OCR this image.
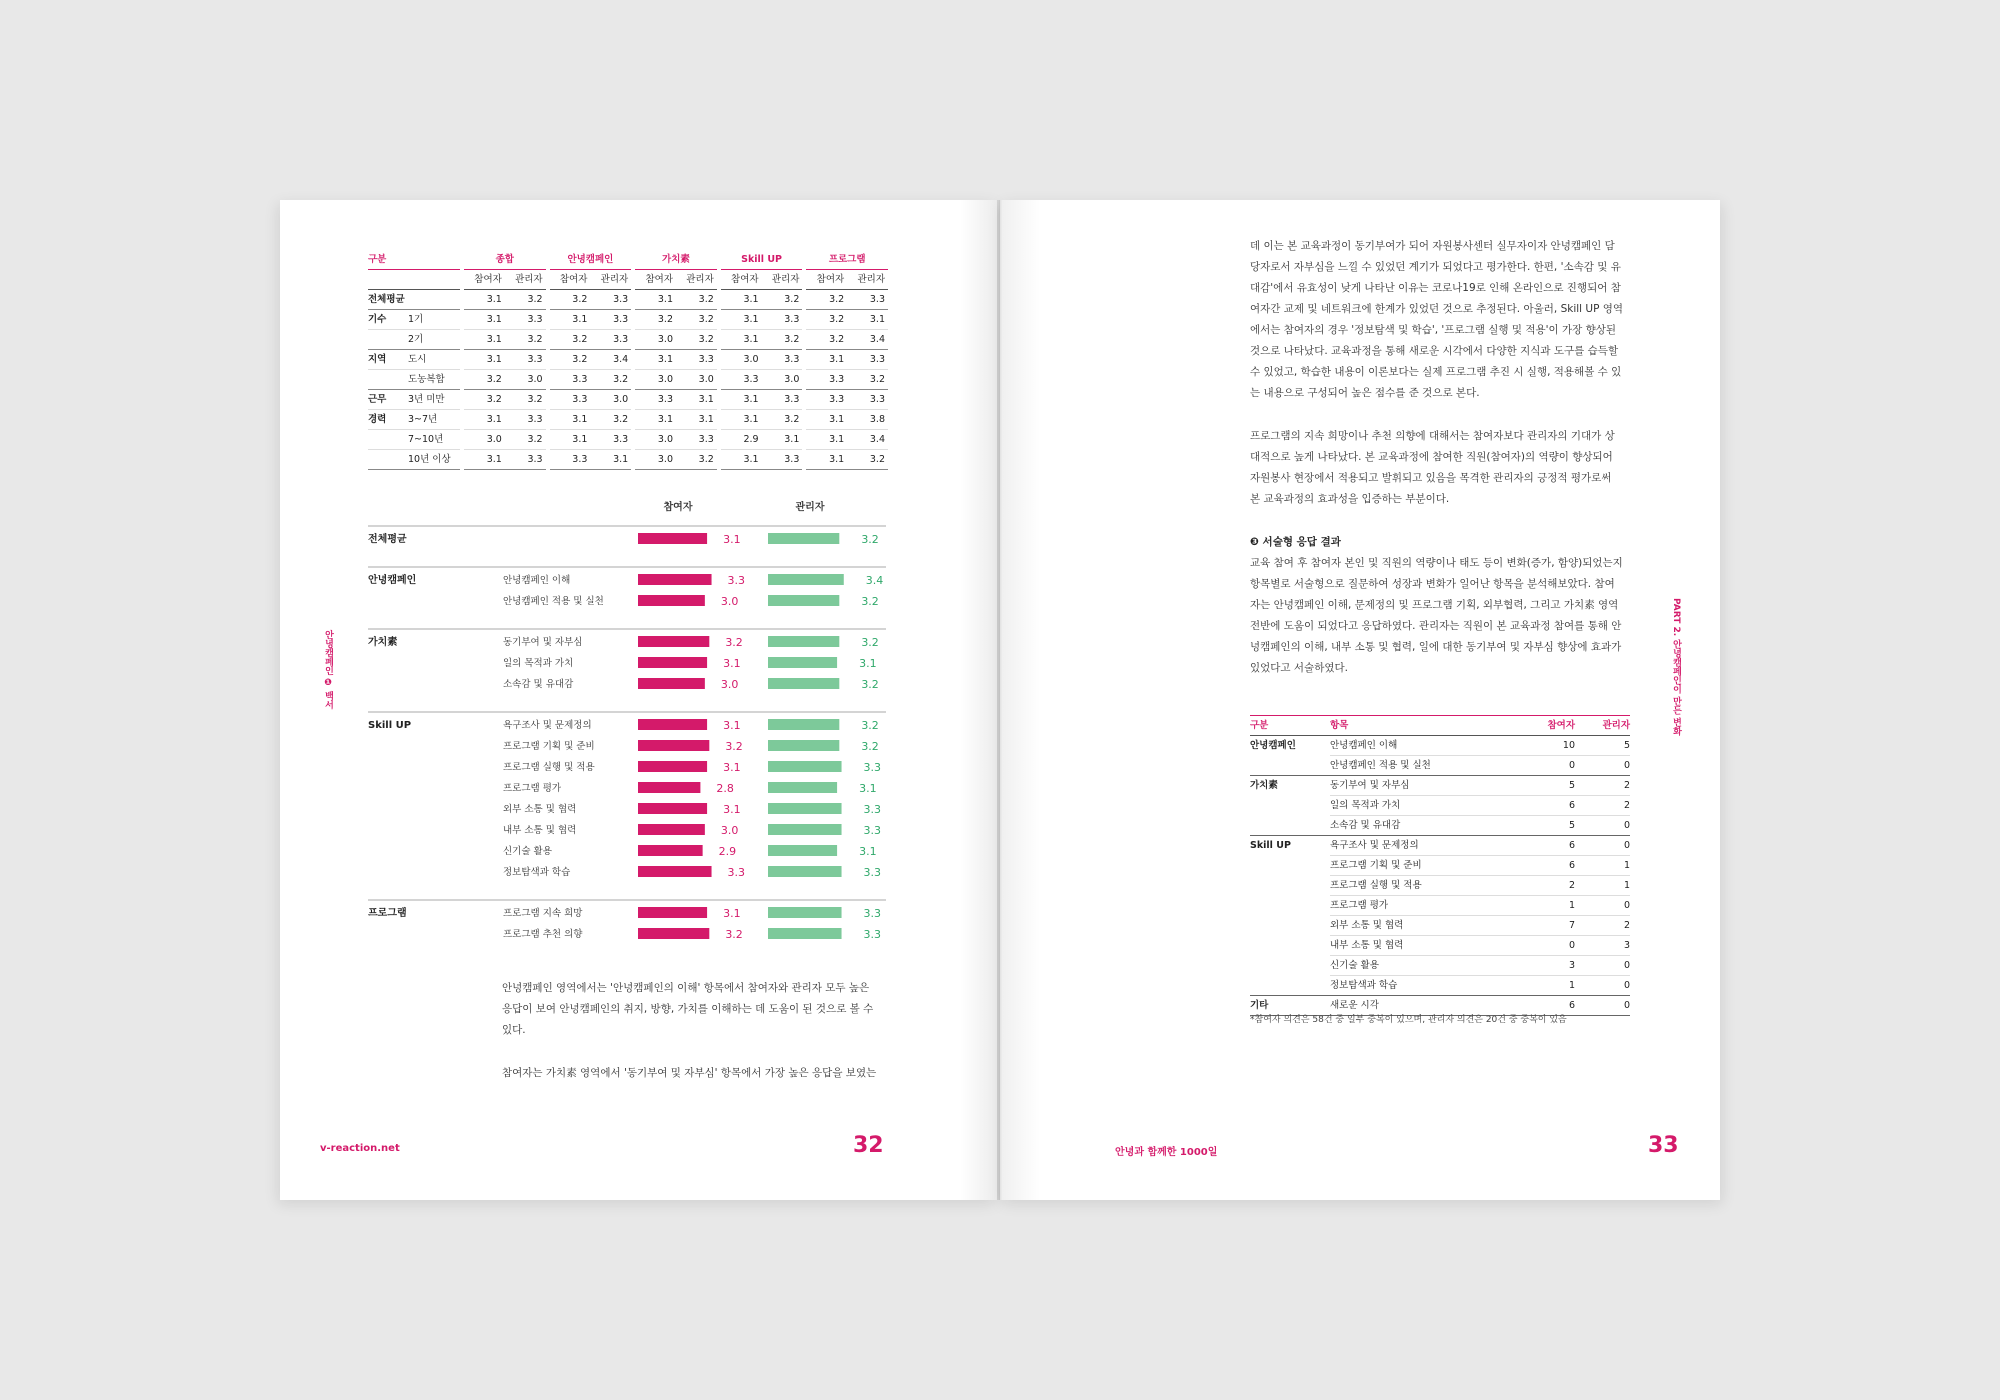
구분			종합			안녕캠페인			가치素			Skill UP			프로그램	
			참여자	관리자		참여자	관리자		참여자	관리자		참여자	관리자		참여자	관리자
전체평균			3.1	3.2		3.2	3.3		3.1	3.2		3.1	3.2		3.2	3.3
기수	1기		3.1	3.3		3.1	3.3		3.2	3.2		3.1	3.3		3.2	3.1
	2기		3.1	3.2		3.2	3.3		3.0	3.2		3.1	3.2		3.2	3.4
지역	도시		3.1	3.3		3.2	3.4		3.1	3.3		3.0	3.3		3.1	3.3
	도농복합		3.2	3.0		3.3	3.2		3.0	3.0		3.3	3.0		3.3	3.2
근무	3년 미만		3.2	3.2		3.3	3.0		3.3	3.1		3.1	3.3		3.3	3.3
경력	3~7년		3.1	3.3		3.1	3.2		3.1	3.1		3.1	3.2		3.1	3.8
	7~10년		3.0	3.2		3.1	3.3		3.0	3.3		2.9	3.1		3.1	3.4
	10년 이상		3.1	3.3		3.3	3.1		3.0	3.2		3.1	3.3		3.1	3.2
참여자	관리자
전체평균	3.1	3.2
안녕캠페인	안녕캠페인 이해	3.3	3.4
안녕캠페인 적용 및 실천	3.0	3.2
가치素	동기부여 및 자부심	3.2	3.2
일의 목적과 가치	3.1	3.1
소속감 및 유대감	3.0	3.2
Skill UP	욕구조사 및 문제정의	3.1	3.2
프로그램 기획 및 준비	3.2	3.2
프로그램 실행 및 적용	3.1	3.3
프로그램 평가	2.8	3.1
외부 소통 및 협력	3.1	3.3
내부 소통 및 협력	3.0	3.3
신기술 활용	2.9	3.1
정보탐색과 학습	3.3	3.3
프로그램	프로그램 지속 희망	3.1	3.3
프로그램 추천 의향	3.2	3.3
안녕캠페인 영역에서는 '안녕캠페인의 이해' 항목에서 참여자와 관리자 모두 높은
응답이 보여 안녕캠페인의 취지, 방향, 가치를 이해하는 데 도움이 된 것으로 볼 수
있다.
참여자는 가치素 영역에서 '동기부여 및 자부심' 항목에서 가장 높은 응답을 보였는
안녕캠페인 ❶ 백서
v-reaction.net	32
데 이는 본 교육과정이 동기부여가 되어 자원봉사센터 실무자이자 안녕캠페인 담
당자로서 자부심을 느낄 수 있었던 계기가 되었다고 평가한다. 한편, '소속감 및 유
대감'에서 유효성이 낮게 나타난 이유는 코로나19로 인해 온라인으로 진행되어 참
여자간 교제 및 네트워크에 한계가 있었던 것으로 추정된다. 아울러, Skill UP 영역
에서는 참여자의 경우 '정보탐색 및 학습', '프로그램 실행 및 적용'이 가장 향상된
것으로 나타났다. 교육과정을 통해 새로운 시각에서 다양한 지식과 도구를 습득할
수 있었고, 학습한 내용이 이론보다는 실제 프로그램 추진 시 실행, 적용해볼 수 있
는 내용으로 구성되어 높은 점수를 준 것으로 본다.
프로그램의 지속 희망이나 추천 의향에 대해서는 참여자보다 관리자의 기대가 상
대적으로 높게 나타났다. 본 교육과정에 참여한 직원(참여자)의 역량이 향상되어
자원봉사 현장에서 적용되고 발휘되고 있음을 목격한 관리자의 긍정적 평가로써
본 교육과정의 효과성을 입증하는 부분이다.
❸ 서술형 응답 결과
교육 참여 후 참여자 본인 및 직원의 역량이나 태도 등이 변화(증가, 함양)되었는지
항목별로 서술형으로 질문하여 성장과 변화가 일어난 항목을 분석해보았다. 참여
자는 안녕캠페인 이해, 문제정의 및 프로그램 기획, 외부협력, 그리고 가치素 영역
전반에 도움이 되었다고 응답하였다. 관리자는 직원이 본 교육과정 참여를 통해 안
녕캠페인의 이해, 내부 소통 및 협력, 일에 대한 동기부여 및 자부심 향상에 효과가
있었다고 서술하였다.
구분	항목	참여자	관리자
안녕캠페인	안녕캠페인 이해	10	5
	안녕캠페인 적용 및 실천	0	0
가치素	동기부여 및 자부심	5	2
	일의 목적과 가치	6	2
	소속감 및 유대감	5	0
Skill UP	욕구조사 및 문제정의	6	0
	프로그램 기획 및 준비	6	1
	프로그램 실행 및 적용	2	1
	프로그램 평가	1	0
	외부 소통 및 협력	7	2
	내부 소통 및 협력	0	3
	신기술 활용	3	0
	정보탐색과 학습	1	0
기타	새로운 시각	6	0
*참여자 의견은 58건 중 일부 중복이 있으며, 관리자 의견은 20건 중 중복이 있음
PART 2. 안녕캠페인이 만든 변화
안녕과 함께한 1000일	33
